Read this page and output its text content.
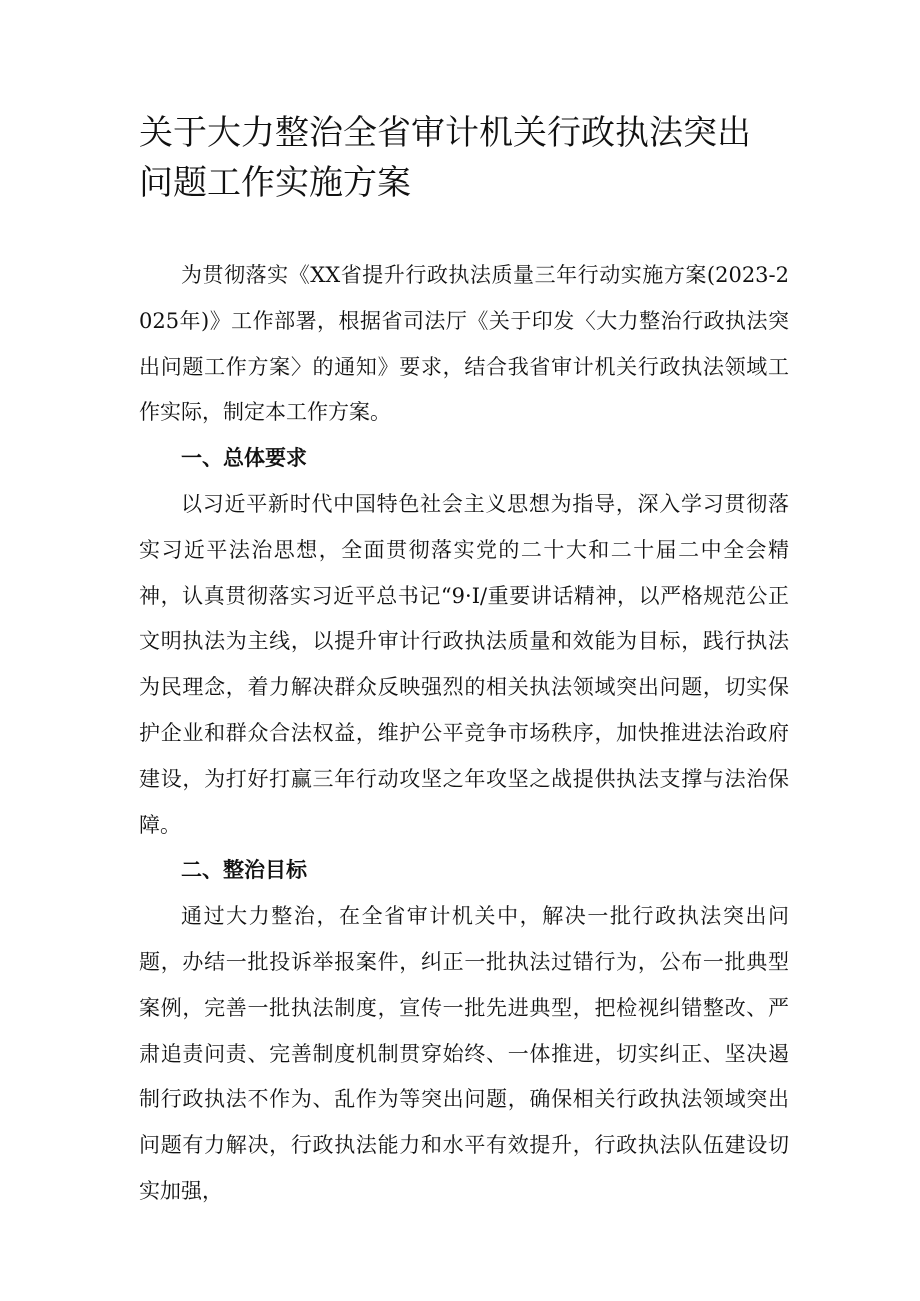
关于大力整治全省审计机关行政执法突出
问题工作实施方案

为贯彻落实《XX省提升行政执法质量三年行动实施方案(2023-2025年)》工作部署，根据省司法厅《关于印发〈大力整治行政执法突出问题工作方案〉的通知》要求，结合我省审计机关行政执法领域工作实际，制定本工作方案。

一、总体要求

以习近平新时代中国特色社会主义思想为指导，深入学习贯彻落实习近平法治思想，全面贯彻落实党的二十大和二十届二中全会精神，认真贯彻落实习近平总书记“9·I/重要讲话精神，以严格规范公正文明执法为主线，以提升审计行政执法质量和效能为目标，践行执法为民理念，着力解决群众反映强烈的相关执法领域突出问题，切实保护企业和群众合法权益，维护公平竞争市场秩序，加快推进法治政府建设，为打好打赢三年行动攻坚之年攻坚之战提供执法支撑与法治保障。

二、整治目标

通过大力整治，在全省审计机关中，解决一批行政执法突出问题，办结一批投诉举报案件，纠正一批执法过错行为，公布一批典型案例，完善一批执法制度，宣传一批先进典型，把检视纠错整改、严肃追责问责、完善制度机制贯穿始终、一体推进，切实纠正、坚决遏制行政执法不作为、乱作为等突出问题，确保相关行政执法领域突出问题有力解决，行政执法能力和水平有效提升，行政执法队伍建设切实加强，
